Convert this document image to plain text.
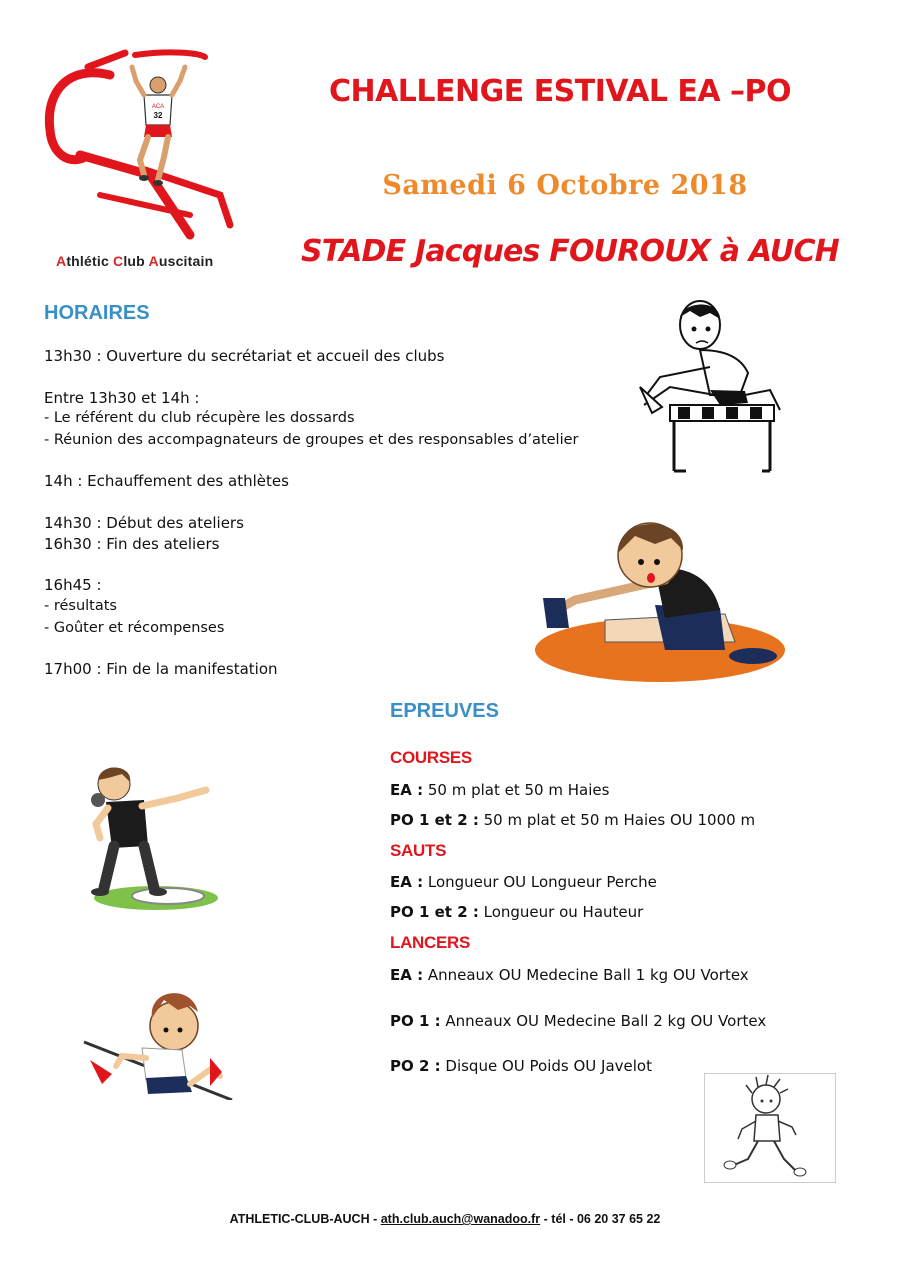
ACA
32
Athlétic Club Auscitain
CHALLENGE ESTIVAL EA –PO
Samedi 6 Octobre 2018
STADE Jacques FOUROUX à AUCH
HORAIRES
13h30 : Ouverture du secrétariat et accueil des clubs
Entre 13h30 et 14h :
- Le référent du club récupère les dossards
- Réunion des accompagnateurs de groupes et des responsables d’atelier
14h : Echauffement des athlètes
14h30 : Début des ateliers
16h30 : Fin des ateliers
16h45 :
- résultats
- Goûter et récompenses
17h00 : Fin de la manifestation
EPREUVES
COURSES
EA : 50 m plat et 50 m Haies
PO 1 et 2 : 50 m plat et 50 m Haies OU 1000 m
SAUTS
EA : Longueur OU Longueur Perche
PO 1 et 2 : Longueur ou Hauteur
LANCERS
EA : Anneaux OU Medecine Ball 1 kg OU Vortex
PO 1 : Anneaux OU Medecine Ball 2 kg OU Vortex
PO 2 : Disque OU Poids OU Javelot
ATHLETIC-CLUB-AUCH - ath.club.auch@wanadoo.fr - tél - 06 20 37 65 22
